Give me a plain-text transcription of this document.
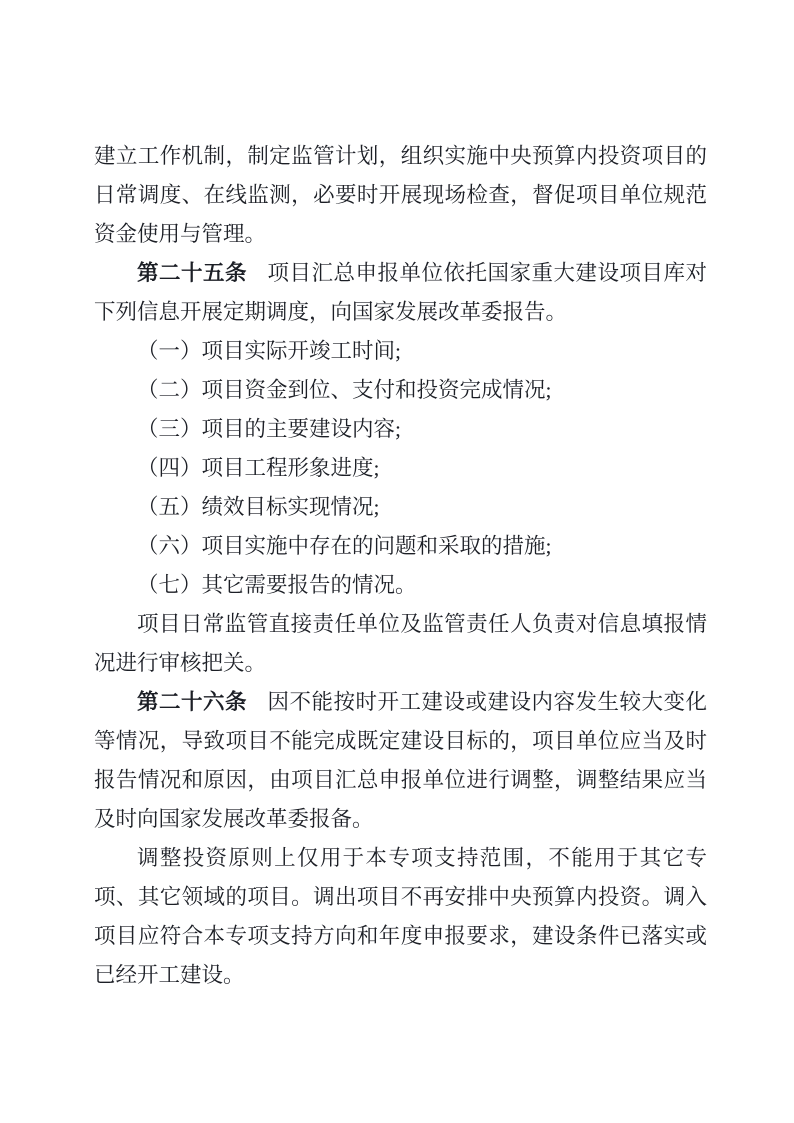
建立工作机制，制定监管计划，组织实施中央预算内投资项目的日常调度、在线监测，必要时开展现场检查，督促项目单位规范资金使用与管理。

第二十五条 项目汇总申报单位依托国家重大建设项目库对下列信息开展定期调度，向国家发展改革委报告。

（一）项目实际开竣工时间;

（二）项目资金到位、支付和投资完成情况;

（三）项目的主要建设内容;

（四）项目工程形象进度;

（五）绩效目标实现情况;

（六）项目实施中存在的问题和采取的措施;

（七）其它需要报告的情况。

项目日常监管直接责任单位及监管责任人负责对信息填报情况进行审核把关。

第二十六条 因不能按时开工建设或建设内容发生较大变化等情况，导致项目不能完成既定建设目标的，项目单位应当及时报告情况和原因，由项目汇总申报单位进行调整，调整结果应当及时向国家发展改革委报备。

调整投资原则上仅用于本专项支持范围，不能用于其它专项、其它领域的项目。调出项目不再安排中央预算内投资。调入项目应符合本专项支持方向和年度申报要求，建设条件已落实或已经开工建设。
